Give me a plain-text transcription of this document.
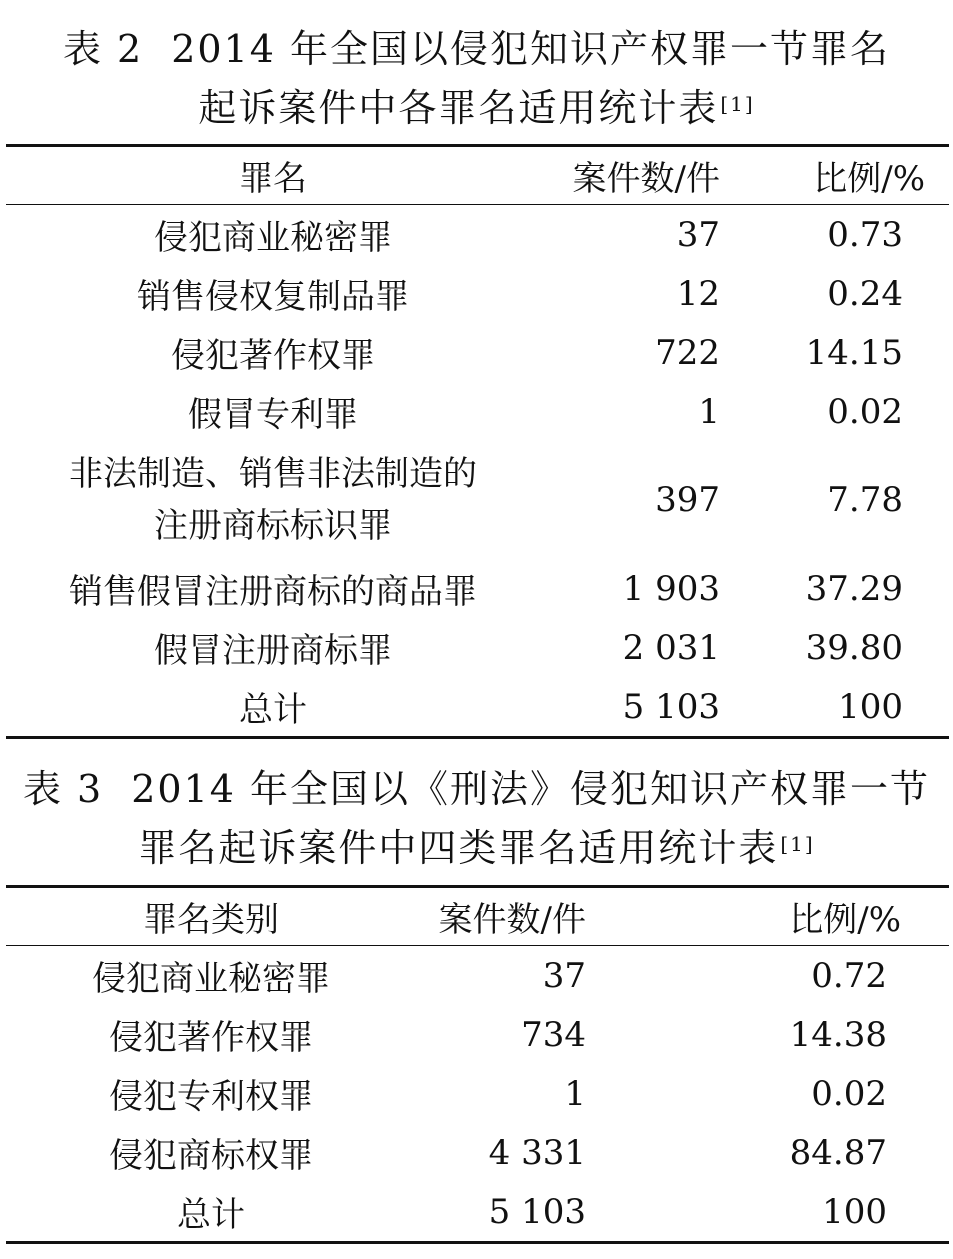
表 2 2014 年全国以侵犯知识产权罪一节罪名
起诉案件中各罪名适用统计表 [1]
罪名	案件数/件	比例/%
侵犯商业秘密罪	37	0.73
销售侵权复制品罪	12	0.24
侵犯著作权罪	722	14.15
假冒专利罪	1	0.02

非法制造、销售非法制造的
注册商标标识罪	397	7.78
销售假冒注册商标的商品罪	1 903	37.29
假冒注册商标罪	2 031	39.80
总计	5 103	100
表 3 2014 年全国以《刑法》侵犯知识产权罪一节
罪名起诉案件中四类罪名适用统计表 [1]
罪名类别	案件数/件	比例/%
侵犯商业秘密罪	37	0.72
侵犯著作权罪	734	14.38
侵犯专利权罪	1	0.02
侵犯商标权罪	4 331	84.87
总计	5 103	100
